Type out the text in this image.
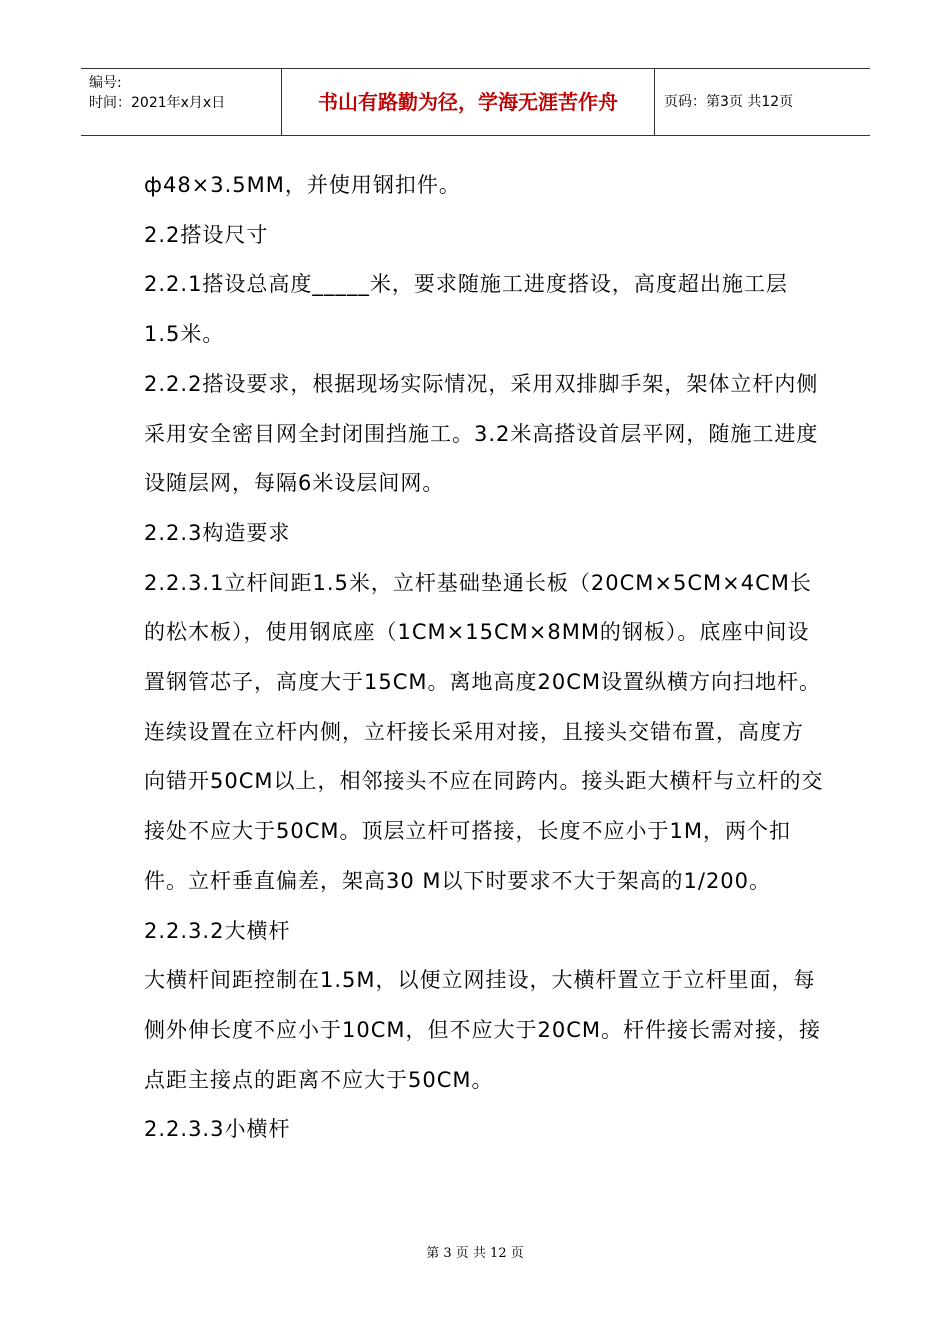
编号:
时间：2021年x月x日	书山有路勤为径，学海无涯苦作舟	页码：第3页 共12页

ф48×3.5MM，并使用钢扣件。

2.2搭设尺寸

2.2.1搭设总高度_____米，要求随施工进度搭设，高度超出施工层1.5米。

2.2.2搭设要求，根据现场实际情况，采用双排脚手架，架体立杆内侧采用安全密目网全封闭围挡施工。3.2米高搭设首层平网，随施工进度设随层网，每隔6米设层间网。

2.2.3构造要求

2.2.3.1立杆间距1.5米，立杆基础垫通长板（20CM×5CM×4CM长的松木板），使用钢底座（1CM×15CM×8MM的钢板）。底座中间设置钢管芯子，高度大于15CM。离地高度20CM设置纵横方向扫地杆。连续设置在立杆内侧，立杆接长采用对接，且接头交错布置，高度方向错开50CM以上，相邻接头不应在同跨内。接头距大横杆与立杆的交接处不应大于50CM。顶层立杆可搭接，长度不应小于1M，两个扣件。立杆垂直偏差，架高30 M以下时要求不大于架高的1/200。

2.2.3.2大横杆

大横杆间距控制在1.5M，以便立网挂设，大横杆置立于立杆里面，每侧外伸长度不应小于10CM，但不应大于20CM。杆件接长需对接，接点距主接点的距离不应大于50CM。

2.2.3.3小横杆

第 3 页 共 12 页
